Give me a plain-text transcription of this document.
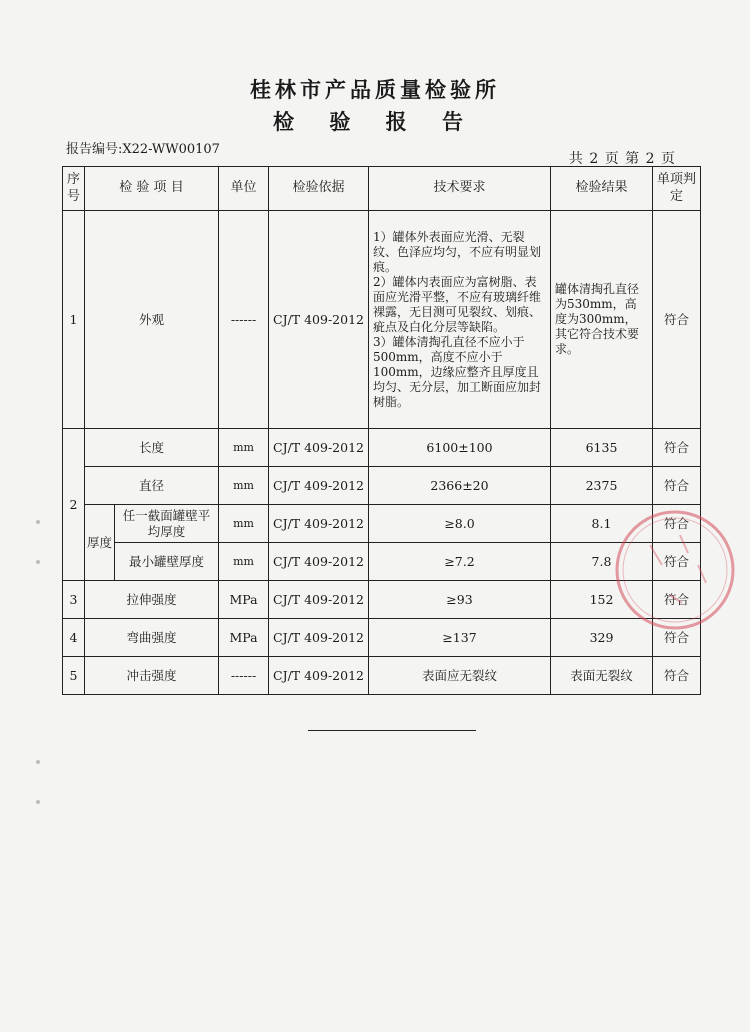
桂林市产品质量检验所
检 验 报 告
报告编号:X22-WW00107
共 2 页 第 2 页
序号	检 验 项 目		单位	检验依据	技术要求	检验结果	单项判定
1	外观		------	CJ/T 409-2012	1）罐体外表面应光滑、无裂纹、色泽应均匀，不应有明显划痕。
2）罐体内表面应为富树脂、表面应光滑平整，不应有玻璃纤维裸露，无目测可见裂纹、划痕、疵点及白化分层等缺陷。
3）罐体清掏孔直径不应小于500mm，高度不应小于100mm，边缘应整齐且厚度且均匀、无分层，加工断面应加封树脂。	罐体清掏孔直径为530mm，高度为300mm，其它符合技术要求。	符合
2	长度		mm	CJ/T 409-2012	6100±100	6135	符合
	直径		mm	CJ/T 409-2012	2366±20	2375	符合
	厚度	任一截面罐壁平均厚度	mm	CJ/T 409-2012	≥8.0	8.1	符合
		最小罐壁厚度	mm	CJ/T 409-2012	≥7.2	7.8	符合
3	拉伸强度		MPa	CJ/T 409-2012	≥93	152	符合
4	弯曲强度		MPa	CJ/T 409-2012	≥137	329	符合
5	冲击强度		------	CJ/T 409-2012	表面应无裂纹	表面无裂纹	符合
